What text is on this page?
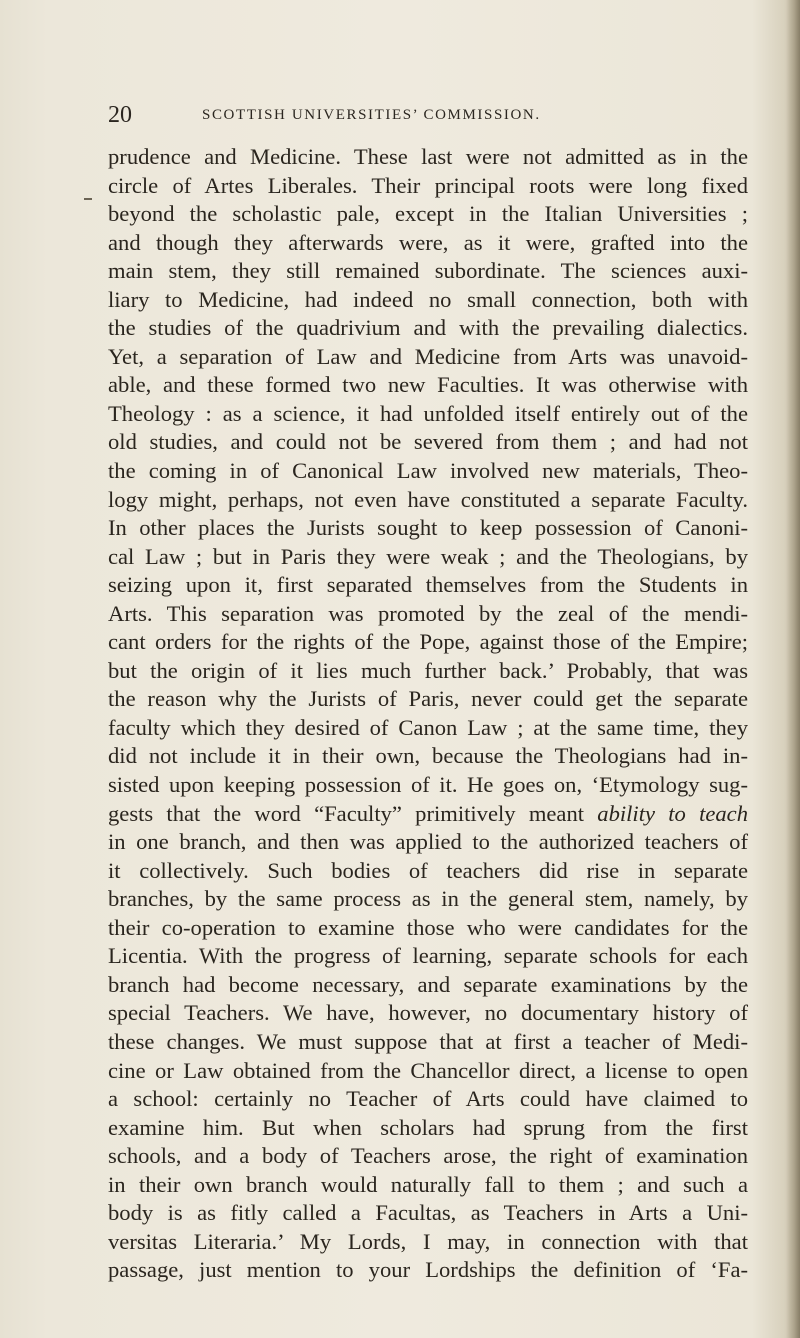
20	SCOTTISH UNIVERSITIES’ COMMISSION.
prudence and Medicine. These last were not admitted as in the
circle of Artes Liberales. Their principal roots were long fixed
beyond the scholastic pale, except in the Italian Universities ;
and though they afterwards were, as it were, grafted into the
main stem, they still remained subordinate. The sciences auxi-
liary to Medicine, had indeed no small connection, both with
the studies of the quadrivium and with the prevailing dialectics.
Yet, a separation of Law and Medicine from Arts was unavoid-
able, and these formed two new Faculties. It was otherwise with
Theology : as a science, it had unfolded itself entirely out of the
old studies, and could not be severed from them ; and had not
the coming in of Canonical Law involved new materials, Theo-
logy might, perhaps, not even have constituted a separate Faculty.
In other places the Jurists sought to keep possession of Canoni-
cal Law ; but in Paris they were weak ; and the Theologians, by
seizing upon it, first separated themselves from the Students in
Arts. This separation was promoted by the zeal of the mendi-
cant orders for the rights of the Pope, against those of the Empire;
but the origin of it lies much further back.’ Probably, that was
the reason why the Jurists of Paris, never could get the separate
faculty which they desired of Canon Law ; at the same time, they
did not include it in their own, because the Theologians had in-
sisted upon keeping possession of it. He goes on, ‘Etymology sug-
gests that the word “Faculty” primitively meant ability to teach
in one branch, and then was applied to the authorized teachers of
it collectively. Such bodies of teachers did rise in separate
branches, by the same process as in the general stem, namely, by
their co-operation to examine those who were candidates for the
Licentia. With the progress of learning, separate schools for each
branch had become necessary, and separate examinations by the
special Teachers. We have, however, no documentary history of
these changes. We must suppose that at first a teacher of Medi-
cine or Law obtained from the Chancellor direct, a license to open
a school: certainly no Teacher of Arts could have claimed to
examine him. But when scholars had sprung from the first
schools, and a body of Teachers arose, the right of examination
in their own branch would naturally fall to them ; and such a
body is as fitly called a Facultas, as Teachers in Arts a Uni-
versitas Literaria.’ My Lords, I may, in connection with that
passage, just mention to your Lordships the definition of ‘Fa-
